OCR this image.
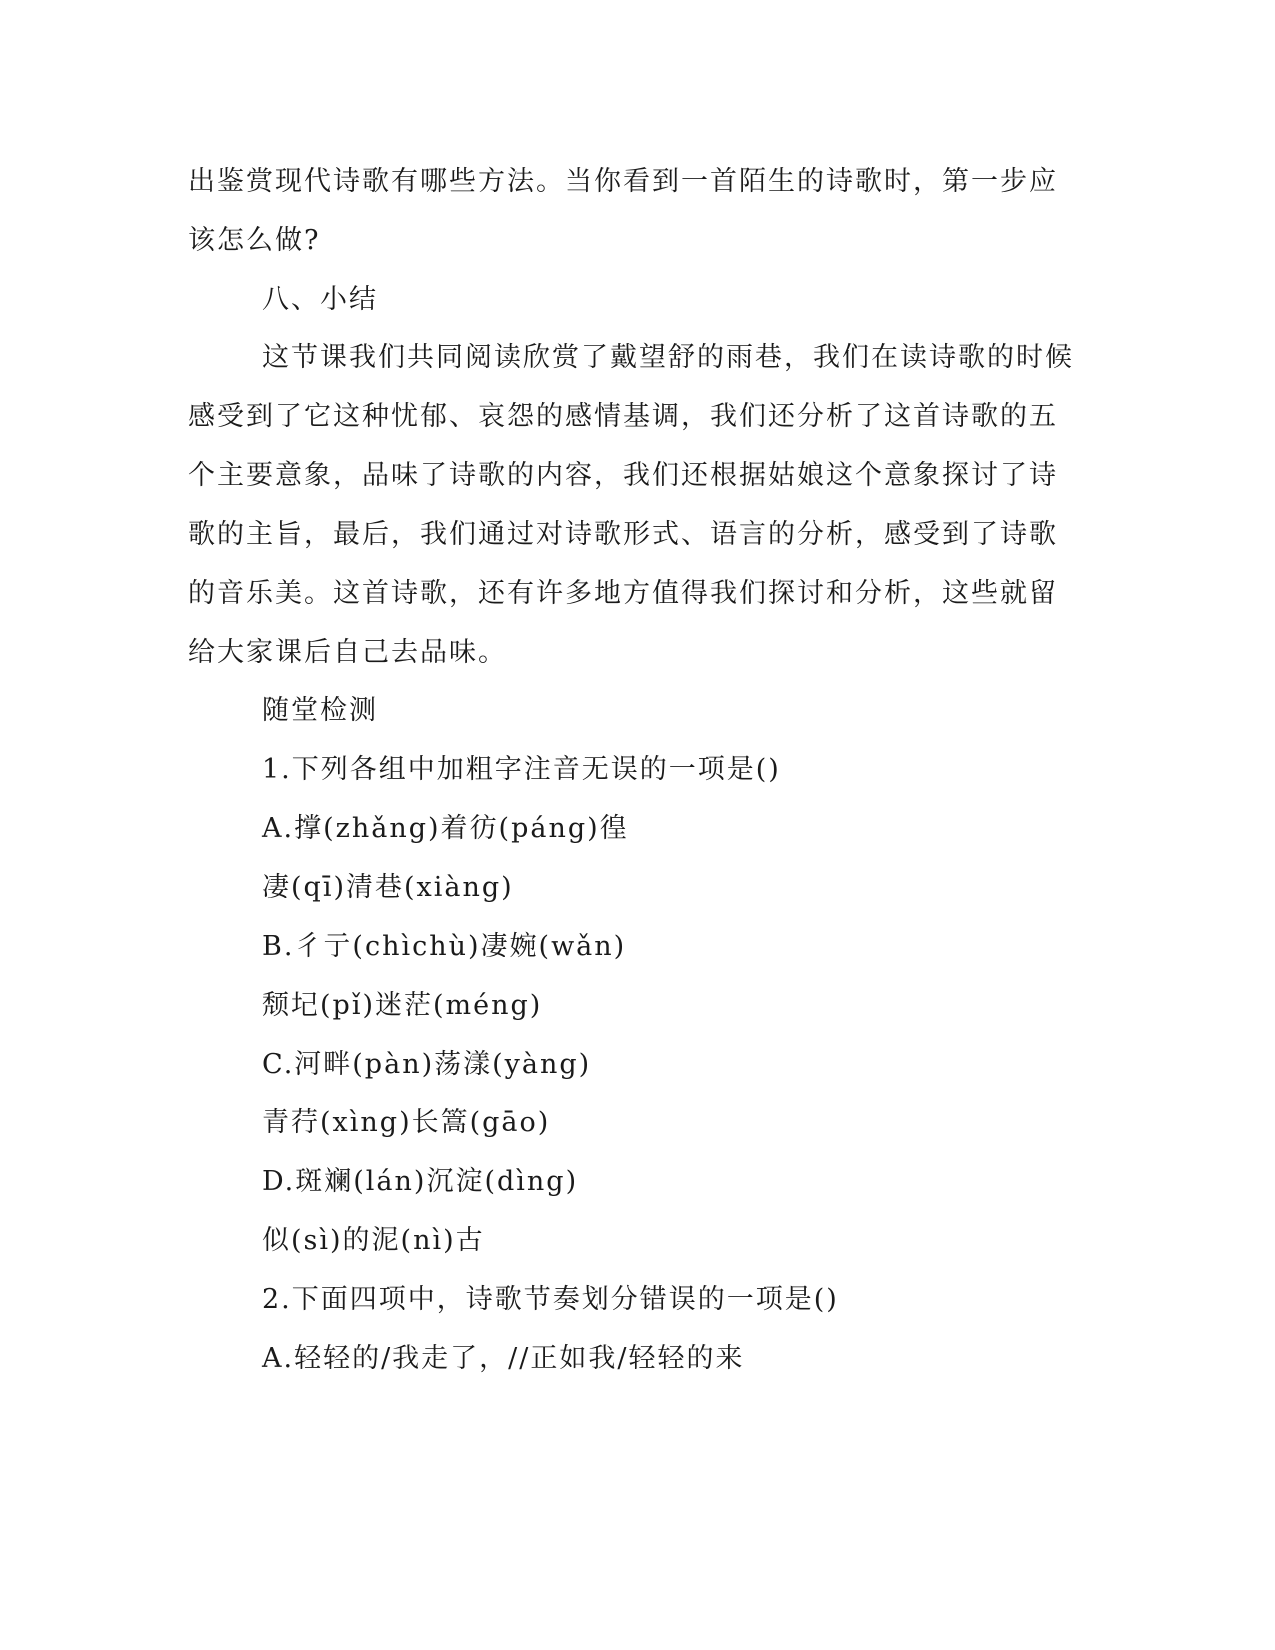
出鉴赏现代诗歌有哪些方法。当你看到一首陌生的诗歌时，第一步应
该怎么做?
八、小结
这节课我们共同阅读欣赏了戴望舒的雨巷，我们在读诗歌的时候
感受到了它这种忧郁、哀怨的感情基调，我们还分析了这首诗歌的五
个主要意象，品味了诗歌的内容，我们还根据姑娘这个意象探讨了诗
歌的主旨，最后，我们通过对诗歌形式、语言的分析，感受到了诗歌
的音乐美。这首诗歌，还有许多地方值得我们探讨和分析，这些就留
给大家课后自己去品味。
随堂检测
1.下列各组中加粗字注音无误的一项是()
A.撑(zhǎng)着彷(páng)徨
凄(qī)清巷(xiàng)
B.彳亍(chìchù)凄婉(wǎn)
颓圮(pǐ)迷茫(méng)
C.河畔(pàn)荡漾(yàng)
青荇(xìng)长篙(gāo)
D.斑斓(lán)沉淀(dìng)
似(sì)的泥(nì)古
2.下面四项中，诗歌节奏划分错误的一项是()
A.轻轻的/我走了，//正如我/轻轻的来
